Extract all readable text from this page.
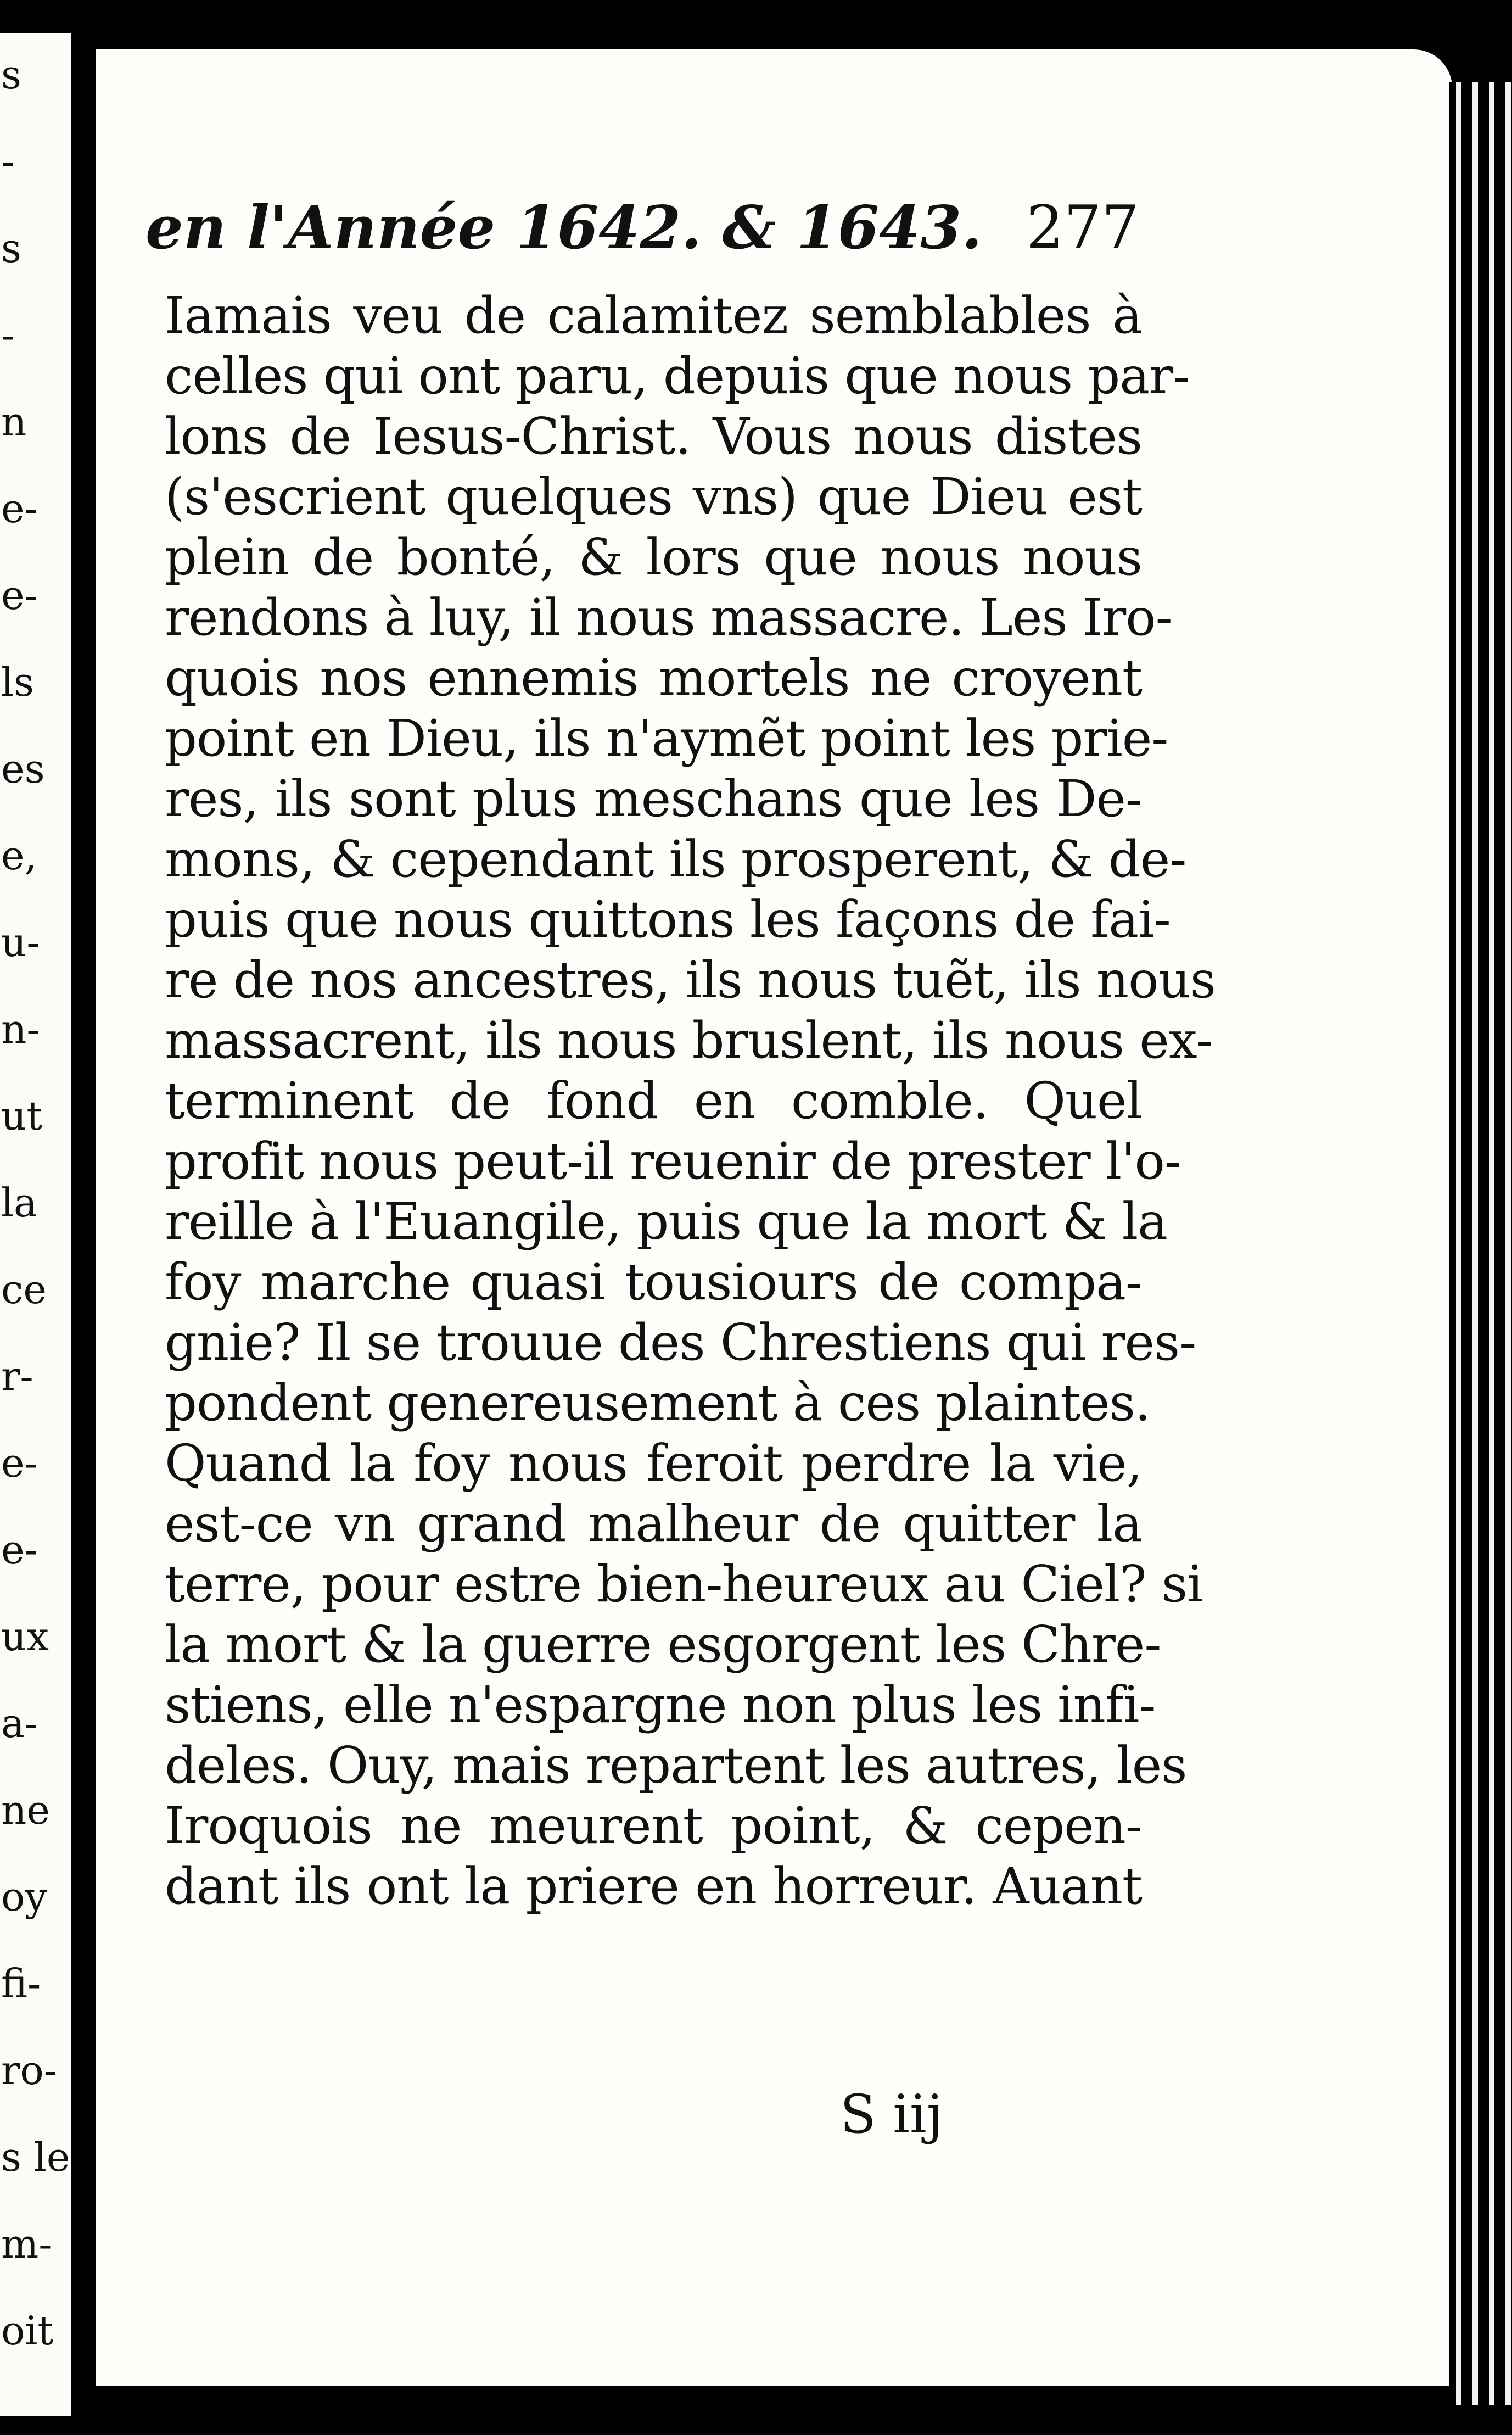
s
-
s
-
n
e-
e-
ls
es
e,
u-
n-
ut
la
ce
r-
e-
e-
ux
a-
ne
oy
fi-
ro-
s le
m-
oit
en l'Année 1642. & 1643. 277
Iamais veu de calamitez semblables à
celles qui ont paru, depuis que nous par-
lons de Iesus-Christ. Vous nous distes
(s'escrient quelques vns) que Dieu est
plein de bonté, & lors que nous nous
rendons à luy, il nous massacre. Les Iro-
quois nos ennemis mortels ne croyent
point en Dieu, ils n'aymẽt point les prie-
res, ils sont plus meschans que les De-
mons, & cependant ils prosperent, & de-
puis que nous quittons les façons de fai-
re de nos ancestres, ils nous tuẽt, ils nous
massacrent, ils nous bruslent, ils nous ex-
terminent de fond en comble. Quel
profit nous peut-il reuenir de prester l'o-
reille à l'Euangile, puis que la mort & la
foy marche quasi tousiours de compa-
gnie? Il se trouue des Chrestiens qui res-
pondent genereusement à ces plaintes.
Quand la foy nous feroit perdre la vie,
est-ce vn grand malheur de quitter la
terre, pour estre bien-heureux au Ciel? si
la mort & la guerre esgorgent les Chre-
stiens, elle n'espargne non plus les infi-
deles. Ouy, mais repartent les autres, les
Iroquois ne meurent point, & cepen-
dant ils ont la priere en horreur. Auant
S iij
